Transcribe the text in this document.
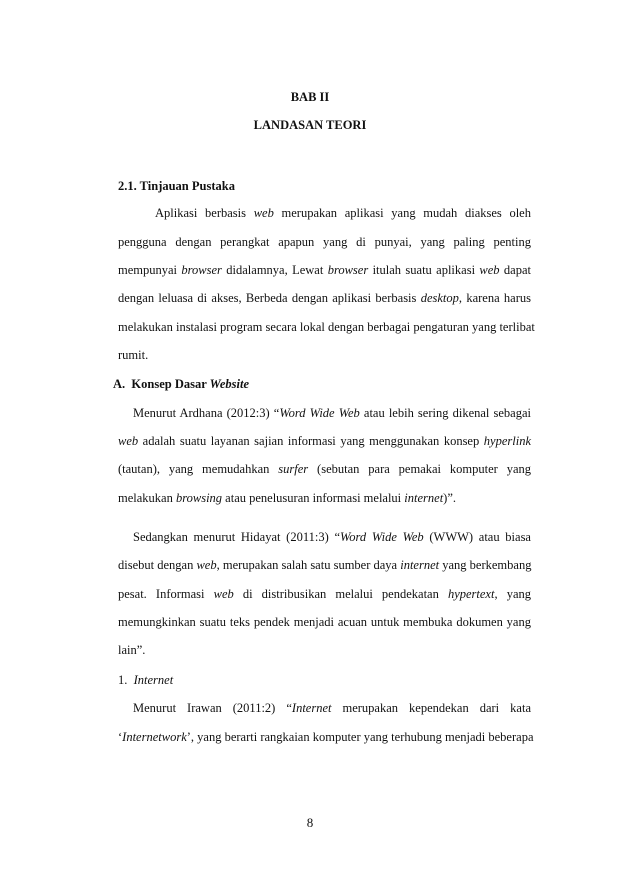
BAB II
LANDASAN TEORI
2.1. Tinjauan Pustaka
Aplikasi berbasis web merupakan aplikasi yang mudah diakses oleh
pengguna dengan perangkat apapun yang di punyai, yang paling penting
mempunyai browser didalamnya, Lewat browser itulah suatu aplikasi web dapat
dengan leluasa di akses, Berbeda dengan aplikasi berbasis desktop, karena harus
melakukan instalasi program secara lokal dengan berbagai pengaturan yang terlibat
rumit.
A. Konsep Dasar Website
Menurut Ardhana (2012:3) “Word Wide Web atau lebih sering dikenal sebagai
web adalah suatu layanan sajian informasi yang menggunakan konsep hyperlink
(tautan), yang memudahkan surfer (sebutan para pemakai komputer yang
melakukan browsing atau penelusuran informasi melalui internet)”.
Sedangkan menurut Hidayat (2011:3) “Word Wide Web (WWW) atau biasa
disebut dengan web, merupakan salah satu sumber daya internet yang berkembang
pesat. Informasi web di distribusikan melalui pendekatan hypertext, yang
memungkinkan suatu teks pendek menjadi acuan untuk membuka dokumen yang
lain”.
1. Internet
Menurut Irawan (2011:2) “Internet merupakan kependekan dari kata
‘Internetwork’, yang berarti rangkaian komputer yang terhubung menjadi beberapa
8
